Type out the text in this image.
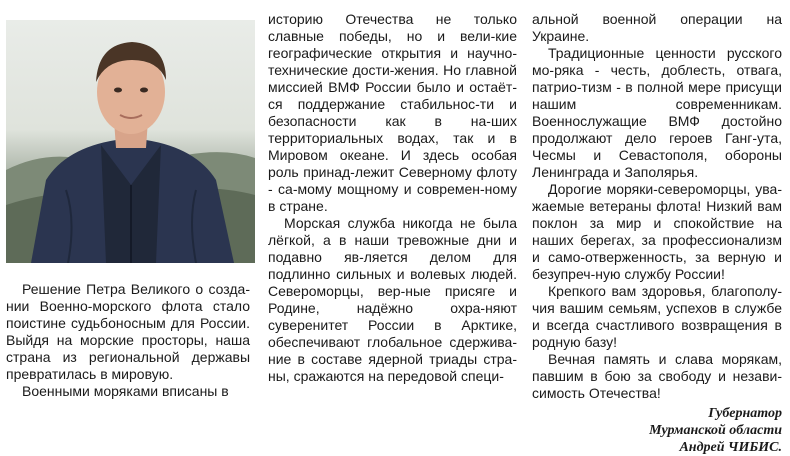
Решение Петра Великого о созда-нии Военно-морского флота стало поистине судьбоносным для России. Выйдя на морские просторы, наша страна из региональной державы превратилась в мировую.

Военными моряками вписаны в

историю Отечества не только славные победы, но и вели-кие географические открытия и научно-технические дости-жения. Но главной миссией ВМФ России было и остаёт-ся поддержание стабильнос-ти и безопасности как в на-ших территориальных водах, так и в Мировом океане. И здесь особая роль принад-лежит Северному флоту - са-мому мощному и современ-ному в стране.

Морская служба никогда не была лёгкой, а в наши тревожные дни и подавно яв-ляется делом для подлинно сильных и волевых людей. Североморцы, вер-ные присяге и Родине, надёжно охра-няют суверенитет России в Арктике, обеспечивают глобальное сдержива-ние в составе ядерной триады стра-ны, сражаются на передовой специ-

альной военной операции на Украине.

Традиционные ценности русского мо-ряка - честь, доблесть, отвага, патрио-тизм - в полной мере присущи нашим современникам. Военнослужащие ВМФ достойно продолжают дело героев Ганг-ута, Чесмы и Севастополя, обороны Ленинграда и Заполярья.

Дорогие моряки-североморцы, ува-жаемые ветераны флота! Низкий вам поклон за мир и спокойствие на наших берегах, за профессионализм и само-отверженность, за верную и безупреч-ную службу России!

Крепкого вам здоровья, благополу-чия вашим семьям, успехов в службе и всегда счастливого возвращения в родную базу!

Вечная память и слава морякам, павшим в бою за свободу и незави-симость Отечества!

Губернатор
Мурманской области
Андрей ЧИБИС.
